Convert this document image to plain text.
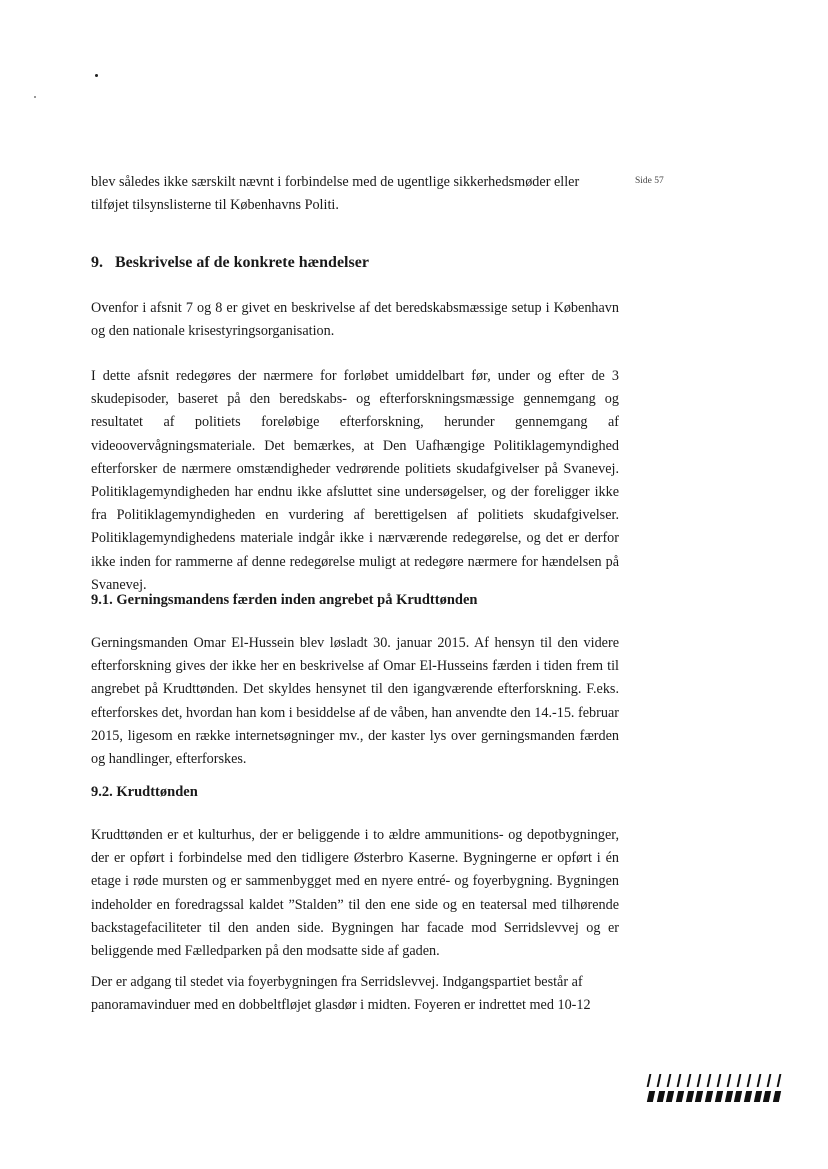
Side 57
blev således ikke særskilt nævnt i forbindelse med de ugentlige sikkerhedsmøder eller
tilføjet tilsynslisterne til Københavns Politi.
9.   Beskrivelse af de konkrete hændelser
Ovenfor i afsnit 7 og 8 er givet en beskrivelse af det beredskabsmæssige setup i København og den nationale krisestyringsorganisation.
I dette afsnit redegøres der nærmere for forløbet umiddelbart før, under og efter de 3 skudepisoder, baseret på den beredskabs- og efterforskningsmæssige gennemgang og resultatet af politiets foreløbige efterforskning, herunder gennemgang af videoovervågningsmateriale. Det bemærkes, at Den Uafhængige Politiklagemyndighed efterforsker de nærmere omstændigheder vedrørende politiets skudafgivelser på Svanevej. Politiklagemyndigheden har endnu ikke afsluttet sine undersøgelser, og der foreligger ikke fra Politiklagemyndigheden en vurdering af berettigelsen af politiets skudafgivelser. Politiklagemyndighedens materiale indgår ikke i nærværende redegørelse, og det er derfor ikke inden for rammerne af denne redegørelse muligt at redegøre nærmere for hændelsen på Svanevej.
9.1. Gerningsmandens færden inden angrebet på Krudttønden
Gerningsmanden Omar El-Hussein blev løsladt 30. januar 2015. Af hensyn til den videre efterforskning gives der ikke her en beskrivelse af Omar El-Husseins færden i tiden frem til angrebet på Krudttønden. Det skyldes hensynet til den igangværende efterforskning. F.eks. efterforskes det, hvordan han kom i besiddelse af de våben, han anvendte den 14.-15. februar 2015, ligesom en række internetsøgninger mv., der kaster lys over gerningsmanden færden og handlinger, efterforskes.
9.2. Krudttønden
Krudttønden er et kulturhus, der er beliggende i to ældre ammunitions- og depotbygninger, der er opført i forbindelse med den tidligere Østerbro Kaserne. Bygningerne er opført i én etage i røde mursten og er sammenbygget med en nyere entré- og foyerbygning. Bygningen indeholder en foredragssal kaldet ”Stalden” til den ene side og en teatersal med tilhørende backstagefaciliteter til den anden side. Bygningen har facade mod Serridslevvej og er beliggende med Fælledparken på den modsatte side af gaden.
Der er adgang til stedet via foyerbygningen fra Serridslevvej. Indgangspartiet består af
panoramavinduer med en dobbeltfløjet glasdør i midten. Foyeren er indrettet med 10-12
